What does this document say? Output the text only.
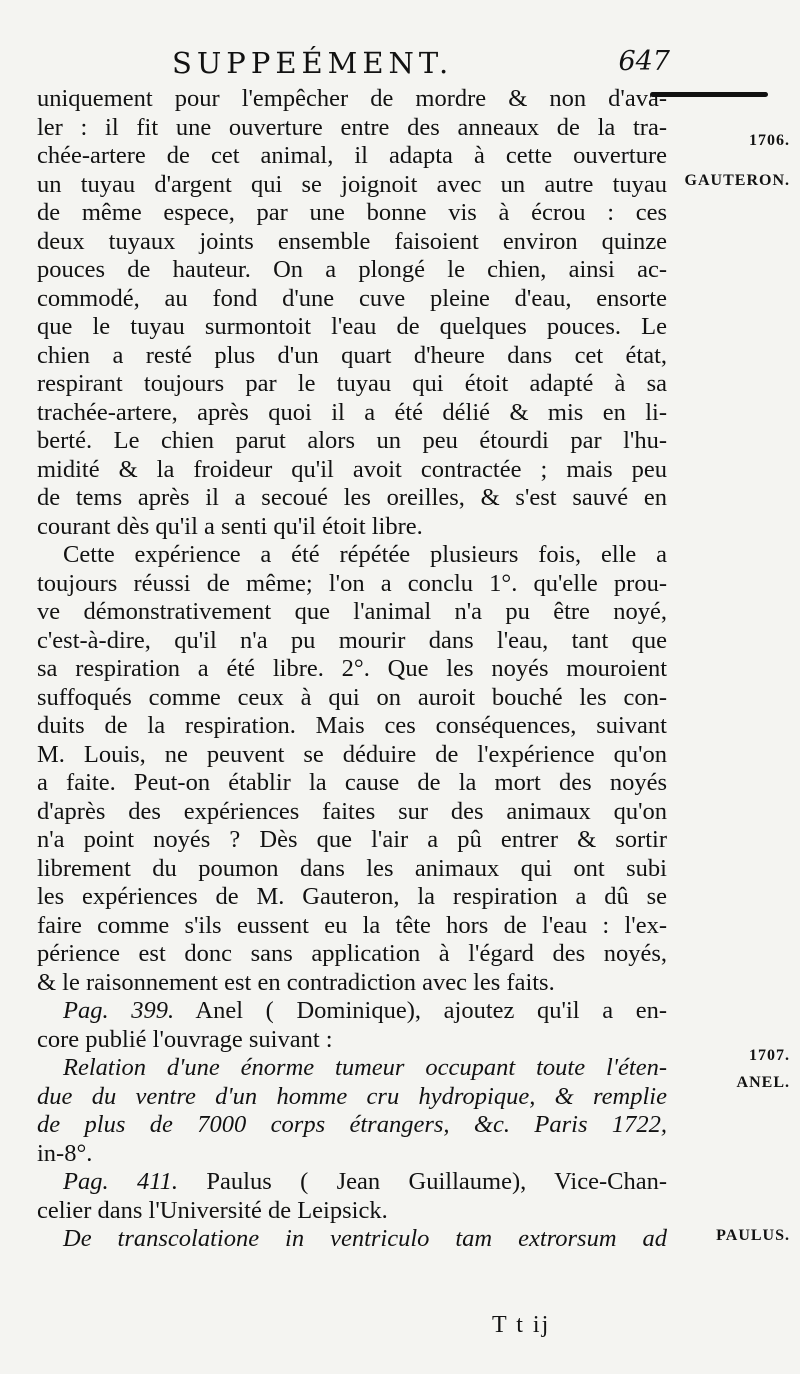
SUPPEÉMENT.	647
1706.
GAUTERON.
1707.
ANEL.
PAULUS.
uniquement pour l'empêcher de mordre & non d'ava-
ler : il fit une ouverture entre des anneaux de la tra-
chée-artere de cet animal, il adapta à cette ouverture
un tuyau d'argent qui se joignoit avec un autre tuyau
de même espece, par une bonne vis à écrou : ces
deux tuyaux joints ensemble faisoient environ quinze
pouces de hauteur. On a plongé le chien, ainsi ac-
commodé, au fond d'une cuve pleine d'eau, ensorte
que le tuyau surmontoit l'eau de quelques pouces. Le
chien a resté plus d'un quart d'heure dans cet état,
respirant toujours par le tuyau qui étoit adapté à sa
trachée-artere, après quoi il a été délié & mis en li-
berté. Le chien parut alors un peu étourdi par l'hu-
midité & la froideur qu'il avoit contractée ; mais peu
de tems après il a secoué les oreilles, & s'est sauvé en
courant dès qu'il a senti qu'il étoit libre.
Cette expérience a été répétée plusieurs fois, elle a
toujours réussi de même; l'on a conclu 1°. qu'elle prou-
ve démonstrativement que l'animal n'a pu être noyé,
c'est-à-dire, qu'il n'a pu mourir dans l'eau, tant que
sa respiration a été libre. 2°. Que les noyés mouroient
suffoqués comme ceux à qui on auroit bouché les con-
duits de la respiration. Mais ces conséquences, suivant
M. Louis, ne peuvent se déduire de l'expérience qu'on
a faite. Peut-on établir la cause de la mort des noyés
d'après des expériences faites sur des animaux qu'on
n'a point noyés ? Dès que l'air a pû entrer & sortir
librement du poumon dans les animaux qui ont subi
les expériences de M. Gauteron, la respiration a dû se
faire comme s'ils eussent eu la tête hors de l'eau : l'ex-
périence est donc sans application à l'égard des noyés,
& le raisonnement est en contradiction avec les faits.
Pag. 399. Anel ( Dominique), ajoutez qu'il a en-
core publié l'ouvrage suivant :
Relation d'une énorme tumeur occupant toute l'éten-
due du ventre d'un homme cru hydropique, & remplie
de plus de 7000 corps étrangers, &c. Paris 1722,
in-8°.
Pag. 411. Paulus ( Jean Guillaume), Vice-Chan-
celier dans l'Université de Leipsick.
De transcolatione in ventriculo tam extrorsum ad
T t ij
